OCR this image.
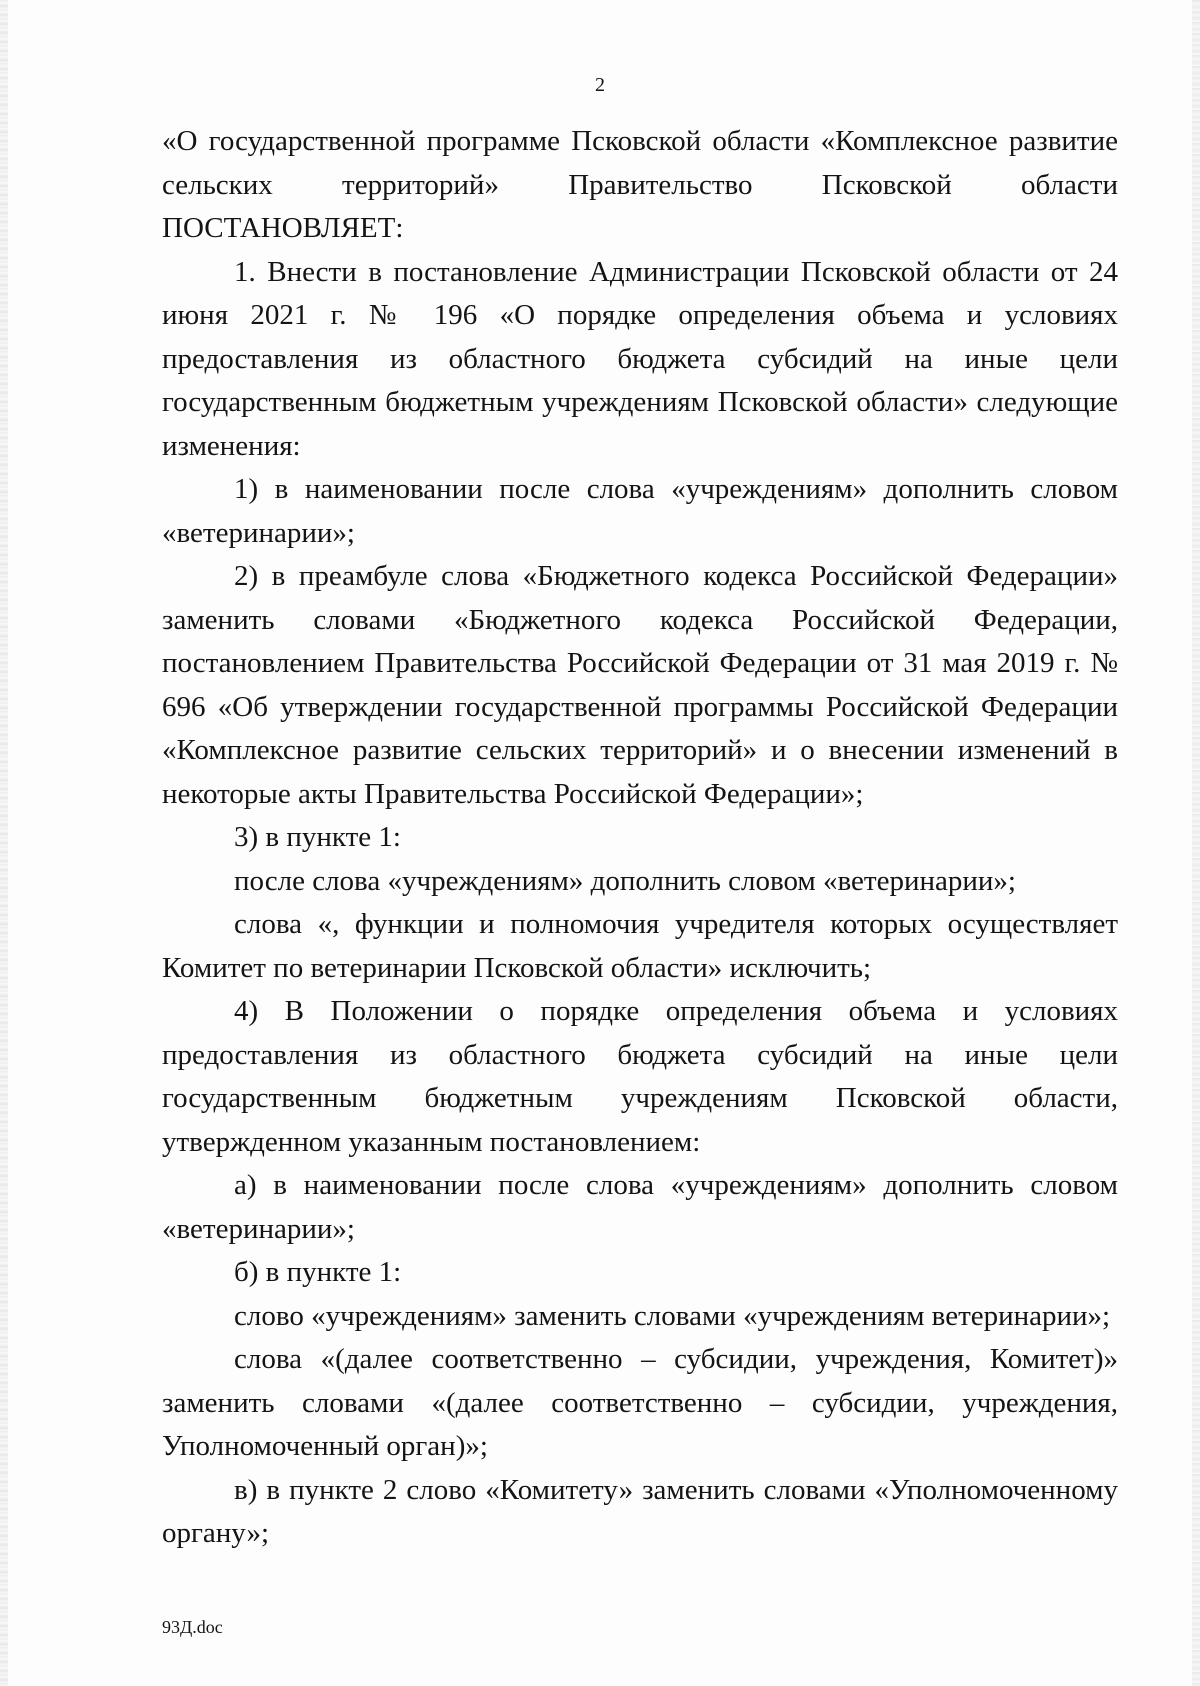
2

«О государственной программе Псковской области «Комплексное развитие сельских территорий» Правительство Псковской области ПОСТАНОВЛЯЕТ:

1. Внести в постановление Администрации Псковской области от 24 июня 2021 г. № 196 «О порядке определения объема и условиях предоставления из областного бюджета субсидий на иные цели государственным бюджетным учреждениям Псковской области» следующие изменения:

1) в наименовании после слова «учреждениям» дополнить словом «ветеринарии»;

2) в преамбуле слова «Бюджетного кодекса Российской Федерации» заменить словами «Бюджетного кодекса Российской Федерации, постановлением Правительства Российской Федерации от 31 мая 2019 г. № 696 «Об утверждении государственной программы Российской Федерации «Комплексное развитие сельских территорий» и о внесении изменений в некоторые акты Правительства Российской Федерации»;

3) в пункте 1:

после слова «учреждениям» дополнить словом «ветеринарии»;

слова «, функции и полномочия учредителя которых осуществляет Комитет по ветеринарии Псковской области» исключить;

4) В Положении о порядке определения объема и условиях предоставления из областного бюджета субсидий на иные цели государственным бюджетным учреждениям Псковской области, утвержденном указанным постановлением:

а) в наименовании после слова «учреждениям» дополнить словом «ветеринарии»;

б) в пункте 1:

слово «учреждениям» заменить словами «учреждениям ветеринарии»;

слова «(далее соответственно – субсидии, учреждения, Комитет)» заменить словами «(далее соответственно – субсидии, учреждения, Уполномоченный орган)»;

в) в пункте 2 слово «Комитету» заменить словами «Уполномоченному органу»;

93Д.doc
